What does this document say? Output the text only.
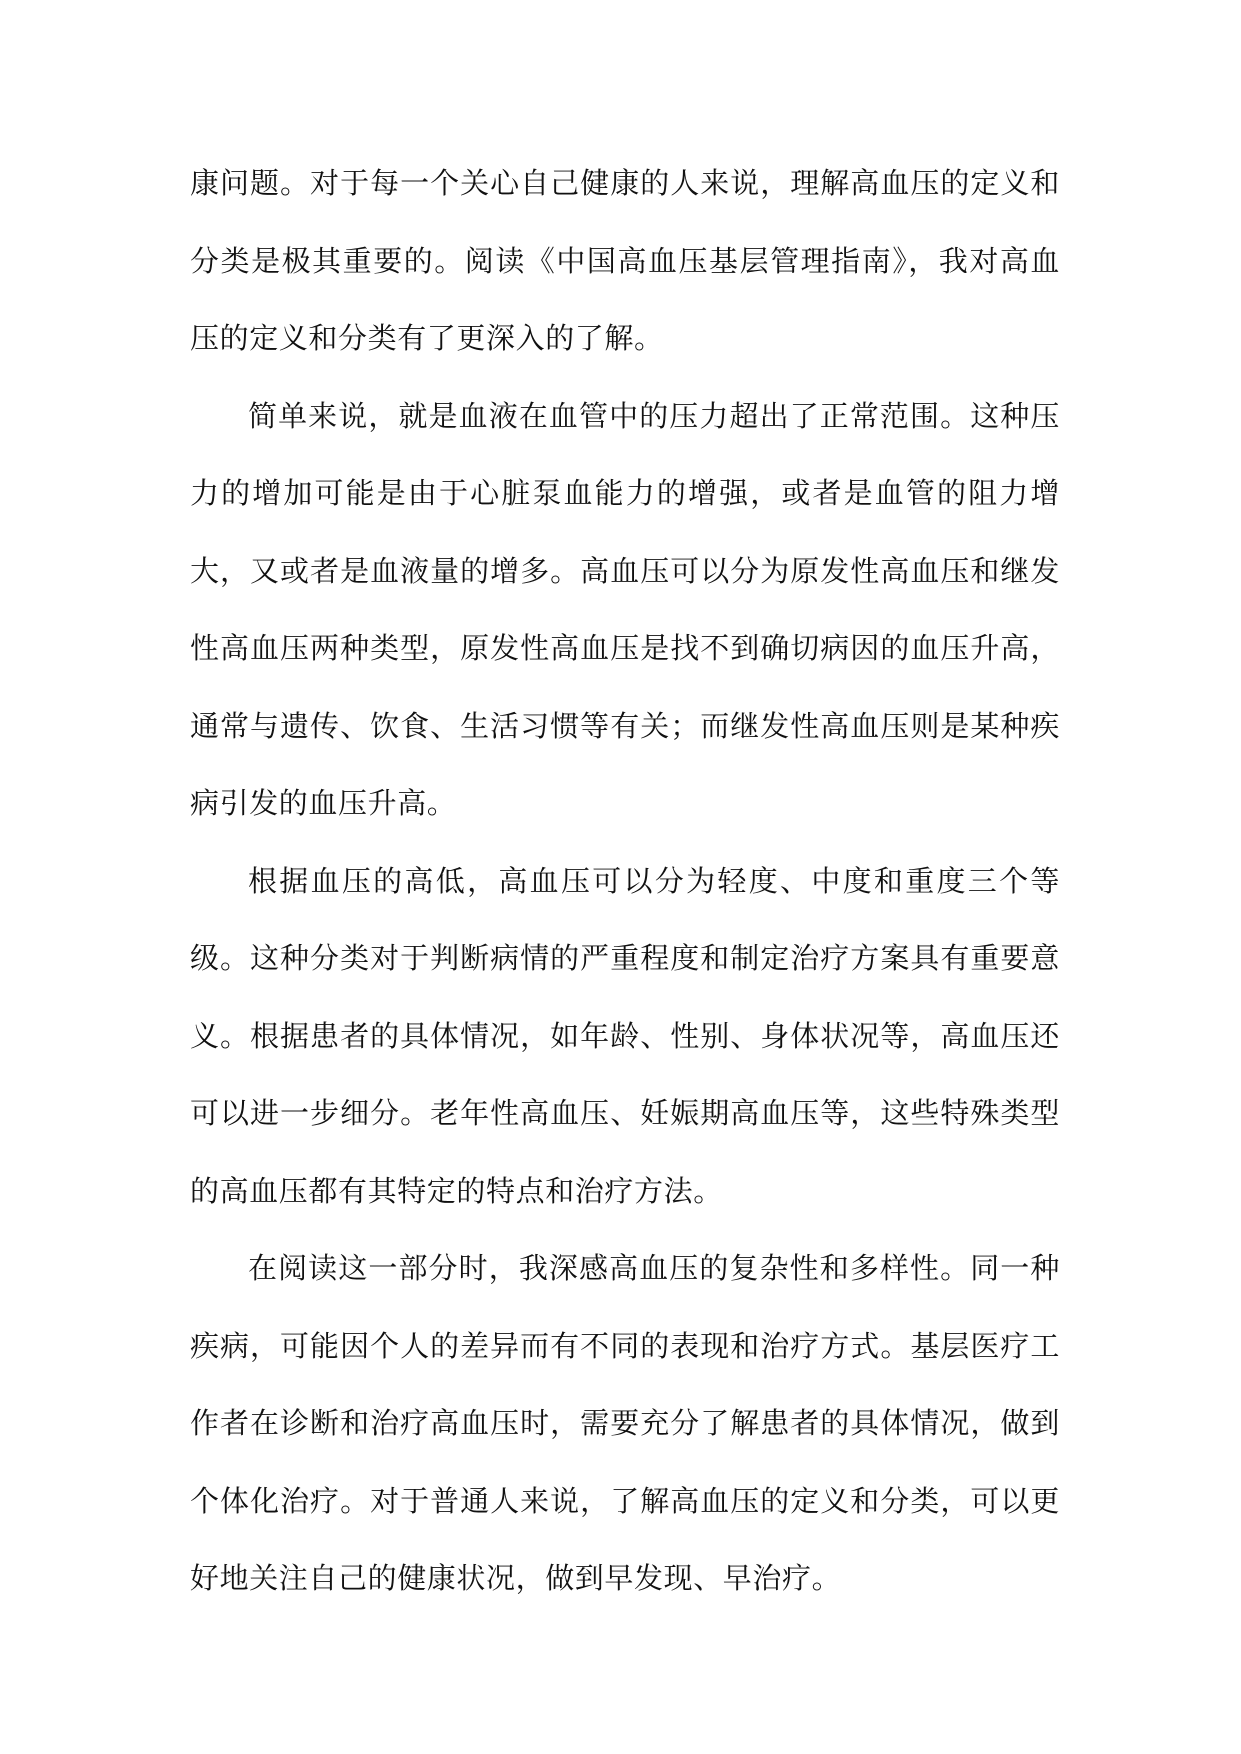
康问题。对于每一个关心自己健康的人来说，理解高血压的定义和分类是极其重要的。阅读《中国高血压基层管理指南》，我对高血压的定义和分类有了更深入的了解。

简单来说，就是血液在血管中的压力超出了正常范围。这种压力的增加可能是由于心脏泵血能力的增强，或者是血管的阻力增大，又或者是血液量的增多。高血压可以分为原发性高血压和继发性高血压两种类型，原发性高血压是找不到确切病因的血压升高，通常与遗传、饮食、生活习惯等有关；而继发性高血压则是某种疾病引发的血压升高。

根据血压的高低，高血压可以分为轻度、中度和重度三个等级。这种分类对于判断病情的严重程度和制定治疗方案具有重要意义。根据患者的具体情况，如年龄、性别、身体状况等，高血压还可以进一步细分。老年性高血压、妊娠期高血压等，这些特殊类型的高血压都有其特定的特点和治疗方法。

在阅读这一部分时，我深感高血压的复杂性和多样性。同一种疾病，可能因个人的差异而有不同的表现和治疗方式。基层医疗工作者在诊断和治疗高血压时，需要充分了解患者的具体情况，做到个体化治疗。对于普通人来说，了解高血压的定义和分类，可以更好地关注自己的健康状况，做到早发现、早治疗。
